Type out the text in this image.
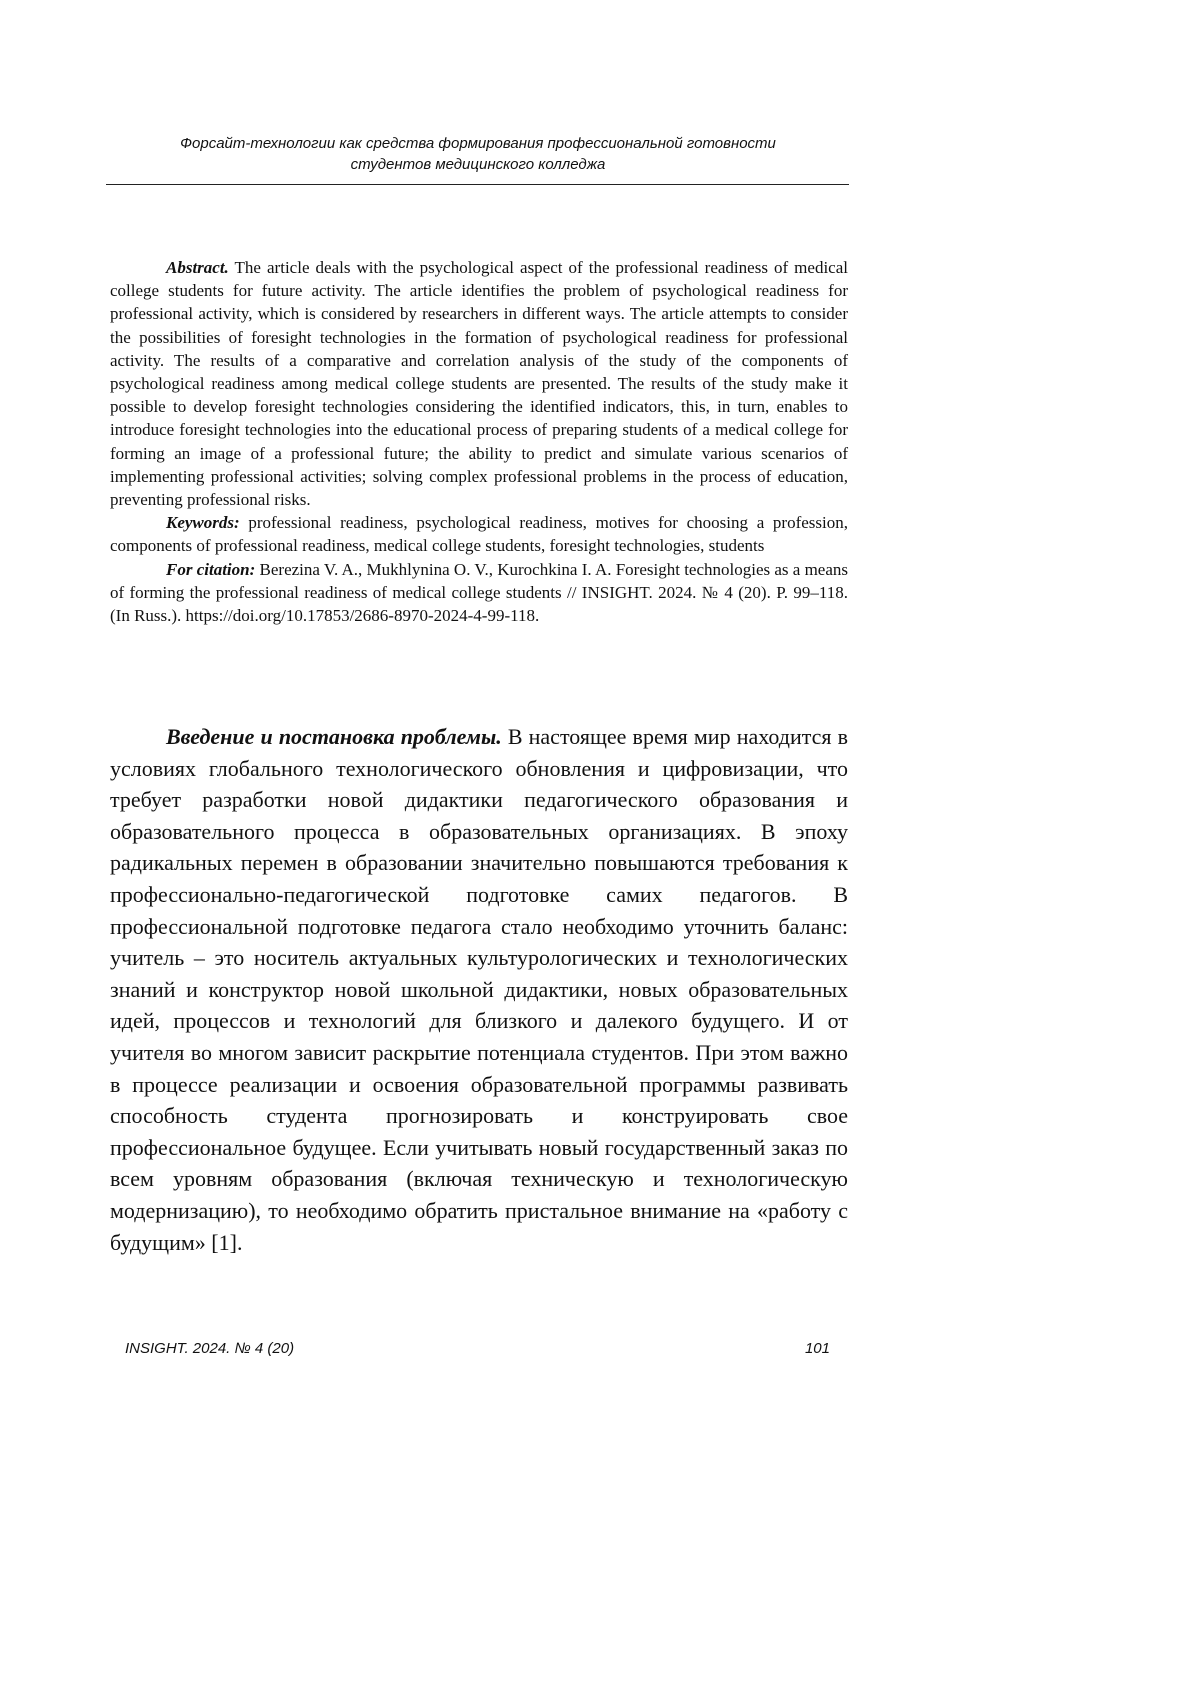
Форсайт-технологии как средства формирования профессиональной готовности
студентов медицинского колледжа

Abstract. The article deals with the psychological aspect of the professional readiness of medical college students for future activity. The article identifies the problem of psychological readiness for professional activity, which is considered by researchers in different ways. The article attempts to consider the possibilities of foresight technologies in the formation of psychological readiness for professional activity. The results of a comparative and correlation analysis of the study of the components of psychological readiness among medical college students are presented. The results of the study make it possible to develop foresight technologies considering the identified indicators, this, in turn, enables to introduce foresight technologies into the educational process of preparing students of a medical college for forming an image of a professional future; the ability to predict and simulate various scenarios of implementing professional activities; solving complex professional problems in the process of education, preventing professional risks.

Keywords: professional readiness, psychological readiness, motives for choosing a profession, components of professional readiness, medical college students, foresight technologies, students

For citation: Berezina V. A., Mukhlynina O. V., Kurochkina I. A. Foresight technologies as a means of forming the professional readiness of medical college students // INSIGHT. 2024. № 4 (20). P. 99–118. (In Russ.). https://doi.org/10.17853/2686-8970-2024-4-99-118.

Введение и постановка проблемы. В настоящее время мир находится в условиях глобального технологического обновления и цифровизации, что требует разработки новой дидактики педагогического образования и образовательного процесса в образовательных организациях. В эпоху радикальных перемен в образовании значительно повышаются требования к профессионально-педагогической подготовке самих педагогов. В профессиональной подготовке педагога стало необходимо уточнить баланс: учитель – это носитель актуальных культурологических и технологических знаний и конструктор новой школьной дидактики, новых образовательных идей, процессов и технологий для близкого и далекого будущего. И от учителя во многом зависит раскрытие потенциала студентов. При этом важно в процессе реализации и освоения образовательной программы развивать способность студента прогнозировать и конструировать свое профессиональное будущее. Если учитывать новый государственный заказ по всем уровням образования (включая техническую и технологическую модернизацию), то необходимо обратить пристальное внимание на «работу с будущим» [1].

INSIGHT. 2024. № 4 (20)	101
